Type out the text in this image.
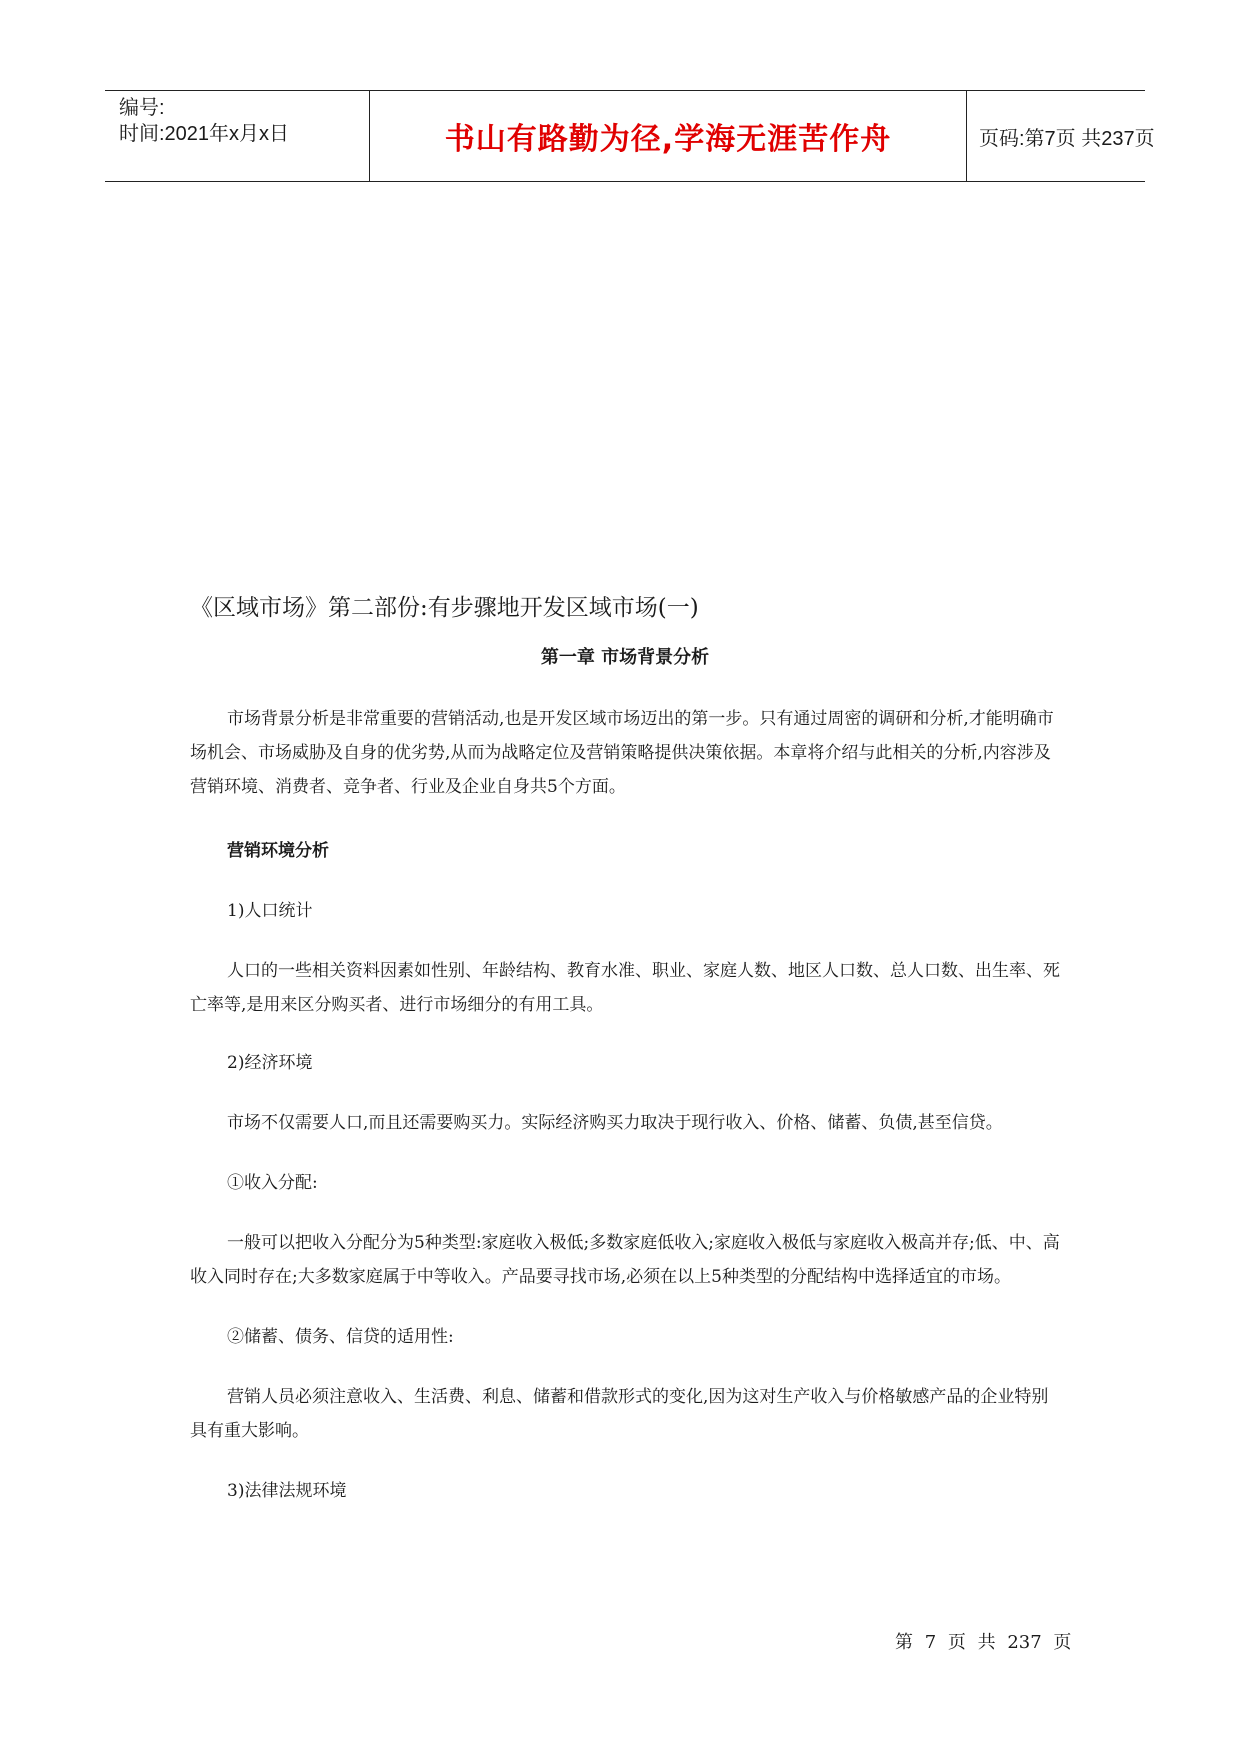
编号:
时间:2021年x月x日	书山有路勤为径,学海无涯苦作舟	页码:第7页 共237页
《区域市场》第二部份:有步骤地开发区域市场(一)
第一章 市场背景分析

市场背景分析是非常重要的营销活动,也是开发区域市场迈出的第一步。只有通过周密的调研和分析,才能明确市场机会、市场威胁及自身的优劣势,从而为战略定位及营销策略提供决策依据。本章将介绍与此相关的分析,内容涉及营销环境、消费者、竞争者、行业及企业自身共5个方面。

营销环境分析

1)人口统计

人口的一些相关资料因素如性别、年龄结构、教育水准、职业、家庭人数、地区人口数、总人口数、出生率、死亡率等,是用来区分购买者、进行市场细分的有用工具。

2)经济环境

市场不仅需要人口,而且还需要购买力。实际经济购买力取决于现行收入、价格、储蓄、负债,甚至信贷。

①收入分配:

一般可以把收入分配分为5种类型:家庭收入极低;多数家庭低收入;家庭收入极低与家庭收入极高并存;低、中、高收入同时存在;大多数家庭属于中等收入。产品要寻找市场,必须在以上5种类型的分配结构中选择适宜的市场。

②储蓄、债务、信贷的适用性:

营销人员必须注意收入、生活费、利息、储蓄和借款形式的变化,因为这对生产收入与价格敏感产品的企业特别具有重大影响。

3)法律法规环境

第 7 页 共 237 页
